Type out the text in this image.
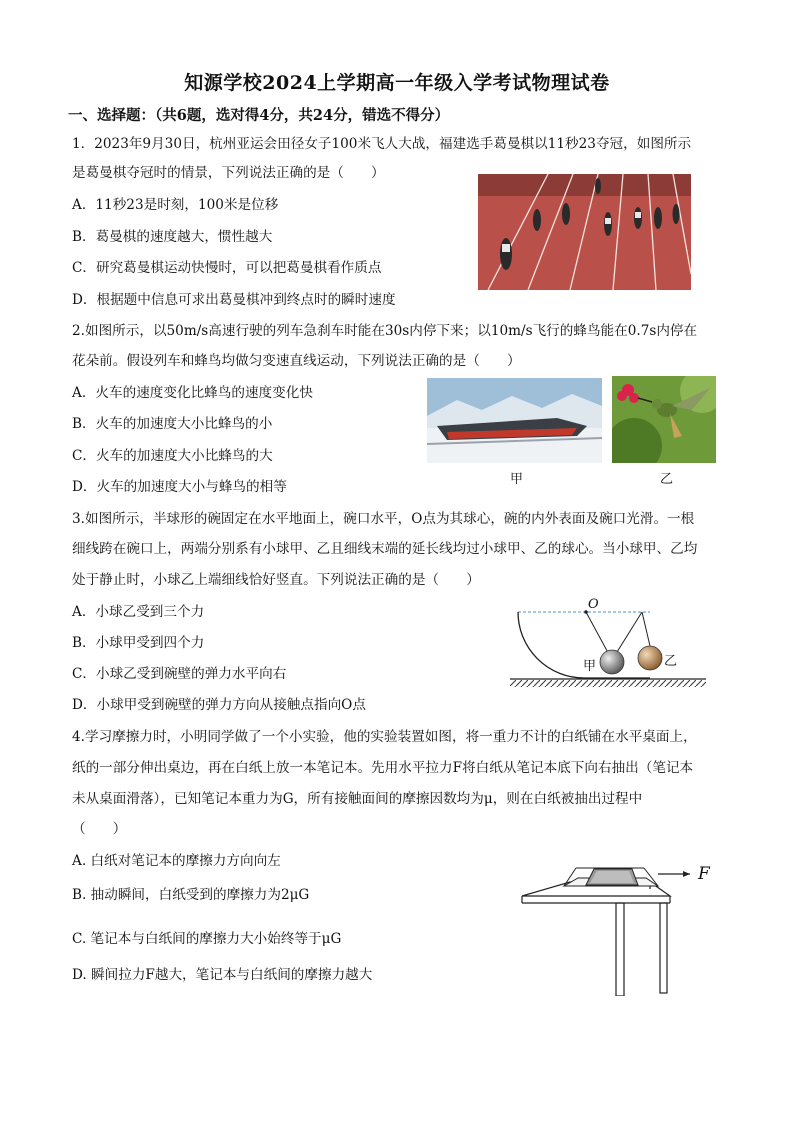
知源学校2024上学期高一年级入学考试物理试卷
一、选择题：（共6题，选对得4分，共24分，错选不得分）
1．2023年9月30日，杭州亚运会田径女子100米飞人大战，福建选手葛曼棋以11秒23夺冠，如图所示
是葛曼棋夺冠时的情景，下列说法正确的是（　　）
A．11秒23是时刻，100米是位移
B．葛曼棋的速度越大，惯性越大
C．研究葛曼棋运动快慢时，可以把葛曼棋看作质点
D．根据题中信息可求出葛曼棋冲到终点时的瞬时速度
2.如图所示，以50m/s高速行驶的列车急刹车时能在30s内停下来；以10m/s飞行的蜂鸟能在0.7s内停在
花朵前。假设列车和蜂鸟均做匀变速直线运动，下列说法正确的是（　　）
A．火车的速度变化比蜂鸟的速度变化快
B．火车的加速度大小比蜂鸟的小
C．火车的加速度大小比蜂鸟的大
D．火车的加速度大小与蜂鸟的相等	甲	乙
3.如图所示，半球形的碗固定在水平地面上，碗口水平，O点为其球心，碗的内外表面及碗口光滑。一根
细线跨在碗口上，两端分别系有小球甲、乙且细线末端的延长线均过小球甲、乙的球心。当小球甲、乙均
处于静止时，小球乙上端细线恰好竖直。下列说法正确的是（　　）
A．小球乙受到三个力
B．小球甲受到四个力
C．小球乙受到碗壁的弹力水平向右
D．小球甲受到碗壁的弹力方向从接触点指向O点
O
甲	乙
4.学习摩擦力时，小明同学做了一个小实验，他的实验装置如图，将一重力不计的白纸铺在水平桌面上，
纸的一部分伸出桌边，再在白纸上放一本笔记本。先用水平拉力F将白纸从笔记本底下向右抽出（笔记本
未从桌面滑落），已知笔记本重力为G，所有接触面间的摩擦因数均为μ，则在白纸被抽出过程中
（　　）
A. 白纸对笔记本的摩擦力方向向左
B. 抽动瞬间，白纸受到的摩擦力为2μG
C. 笔记本与白纸间的摩擦力大小始终等于μG
D. 瞬间拉力F越大，笔记本与白纸间的摩擦力越大
F
